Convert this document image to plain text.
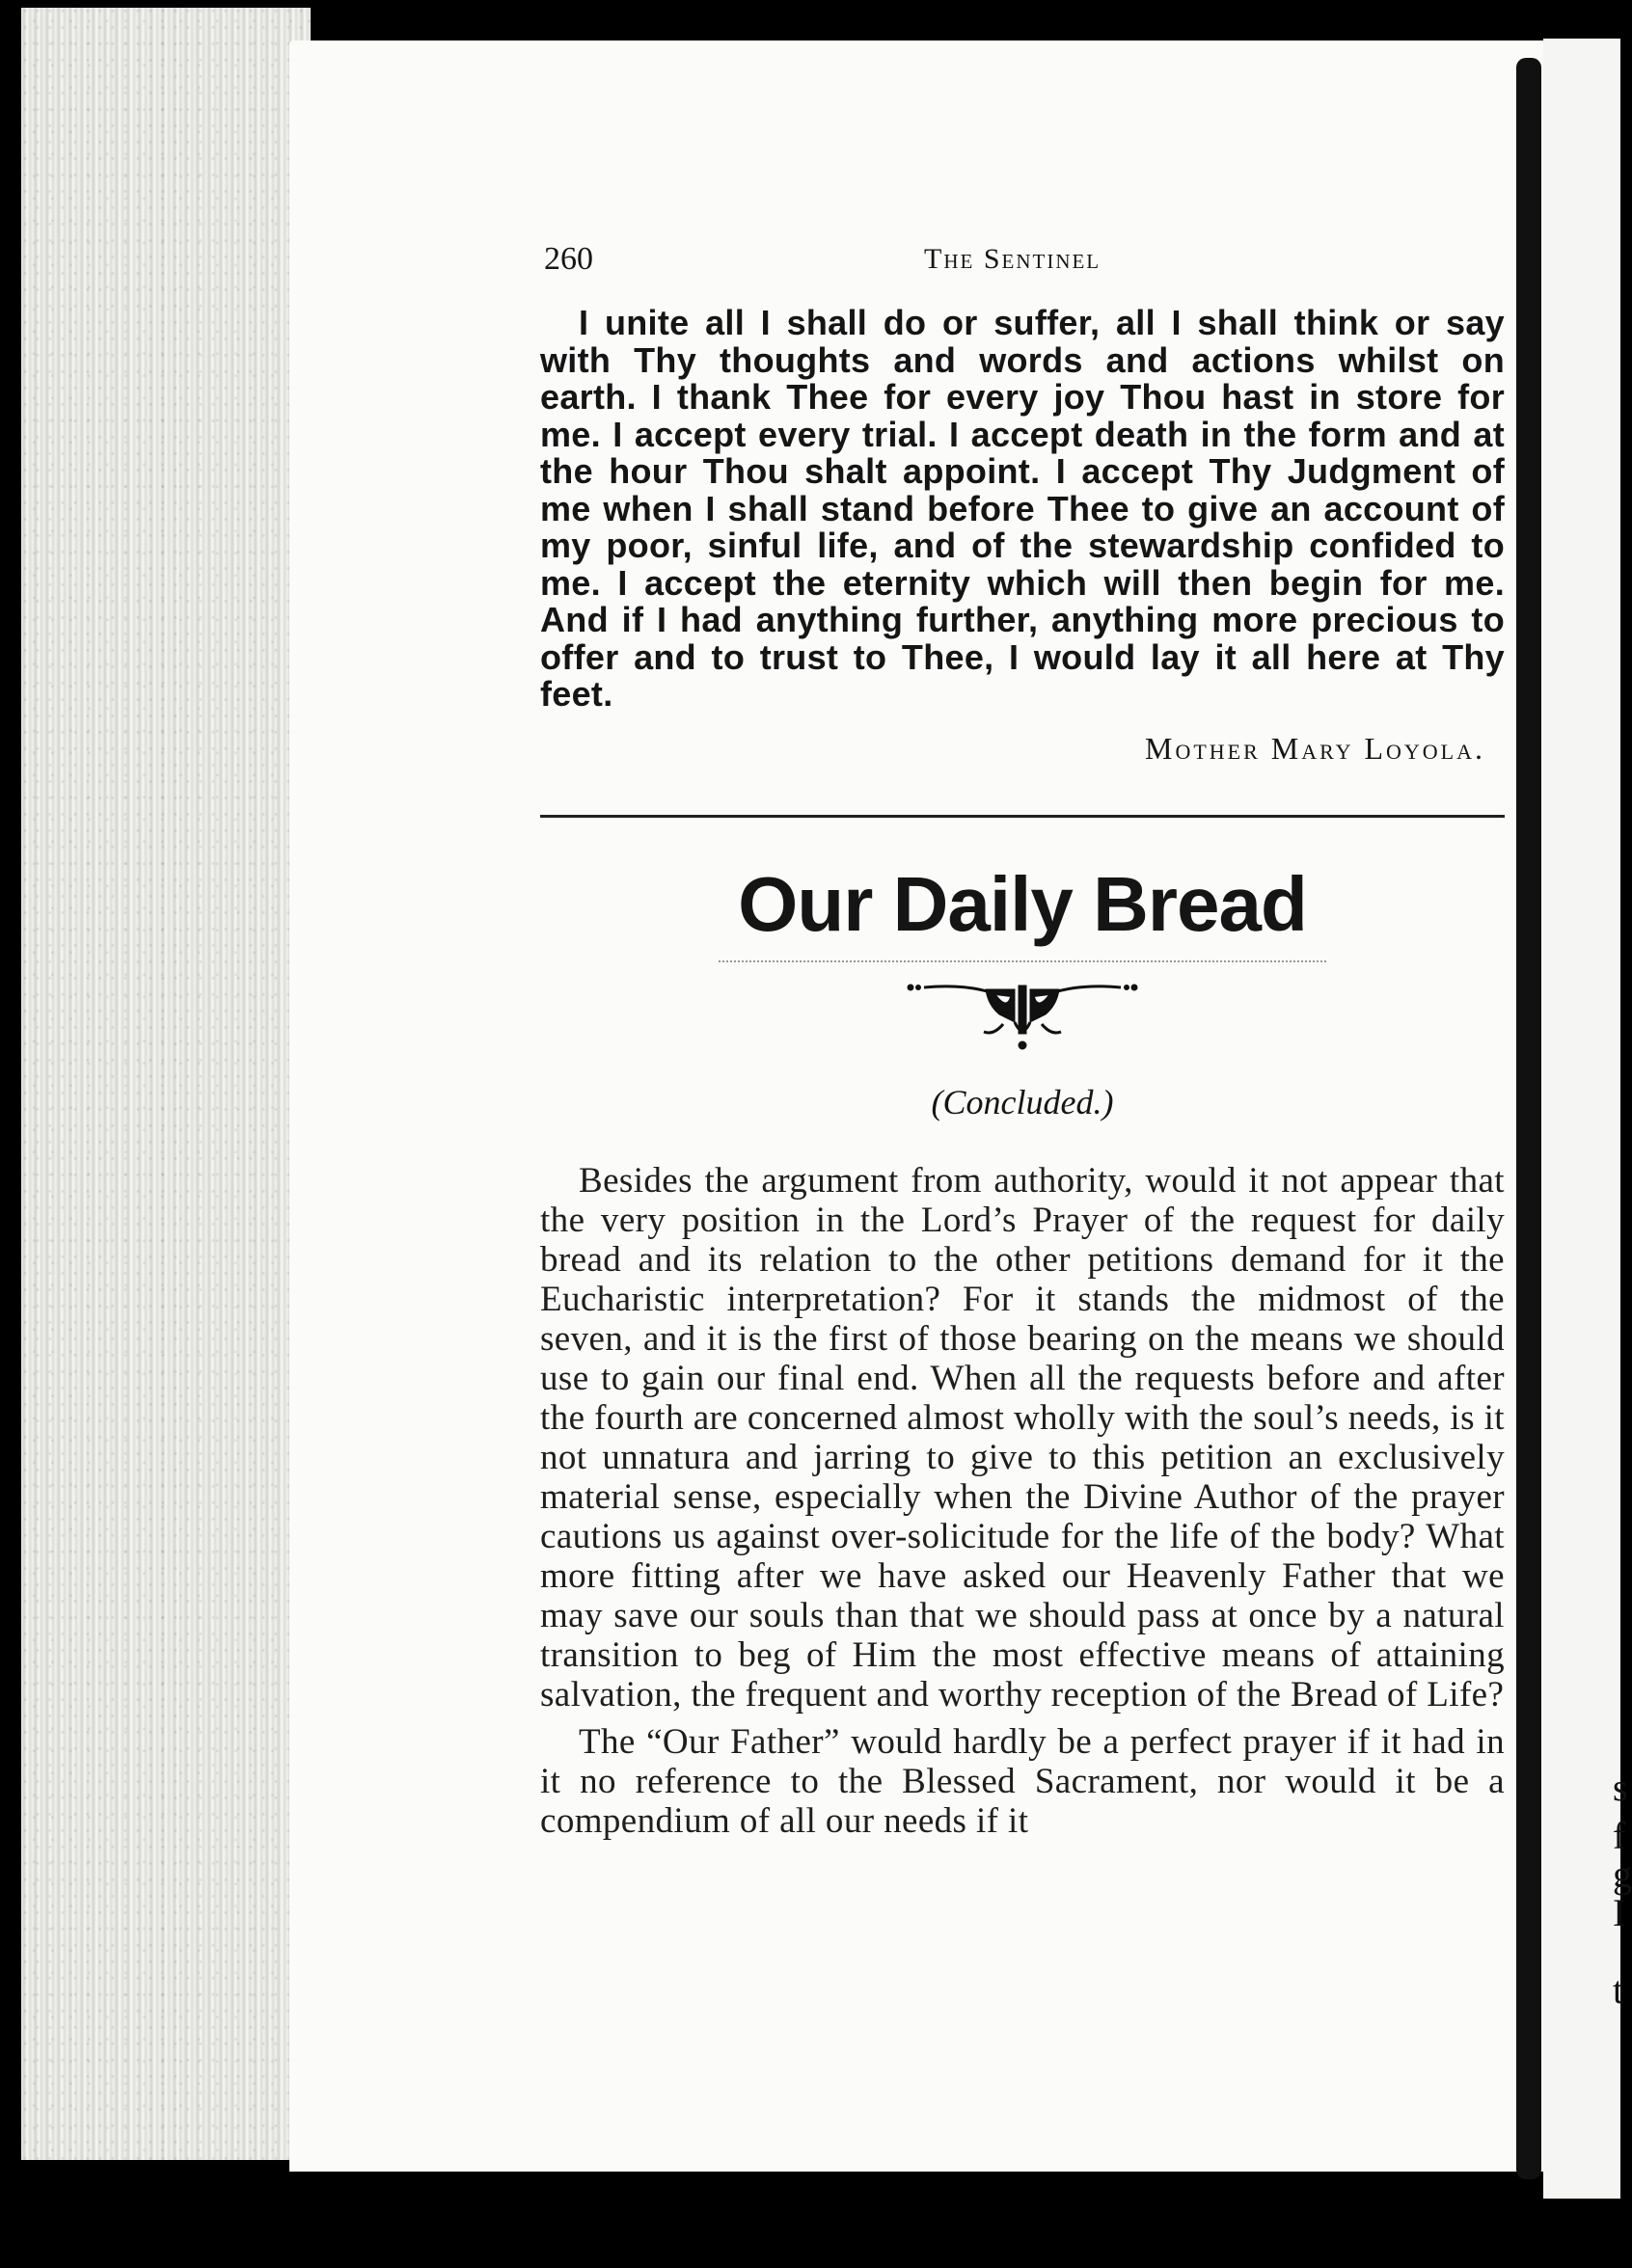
s
f
g
I
t
260	The Sentinel

I unite all I shall do or suffer, all I shall think or say with Thy thoughts and words and actions whilst on earth. I thank Thee for every joy Thou hast in store for me. I accept every trial. I accept death in the form and at the hour Thou shalt appoint. I accept Thy Judgment of me when I shall stand before Thee to give an account of my poor, sinful life, and of the stewardship confided to me. I accept the eternity which will then begin for me. And if I had anything further, anything more precious to offer and to trust to Thee, I would lay it all here at Thy feet.

Mother Mary Loyola.
Our Daily Bread
(Concluded.)

Besides the argument from authority, would it not appear that the very position in the Lord’s Prayer of the request for daily bread and its relation to the other petitions demand for it the Eucharistic interpretation? For it stands the midmost of the seven, and it is the first of those bearing on the means we should use to gain our final end. When all the requests before and after the fourth are concerned almost wholly with the soul’s needs, is it not unnatura and jarring to give to this petition an exclusively material sense, especially when the Divine Author of the prayer cautions us against over-solicitude for the life of the body? What more fitting after we have asked our Heavenly Father that we may save our souls than that we should pass at once by a natural transition to beg of Him the most effective means of attaining salvation, the frequent and worthy reception of the Bread of Life?

The “Our Father” would hardly be a perfect prayer if it had in it no reference to the Blessed Sacrament, nor would it be a compendium of all our needs if it
